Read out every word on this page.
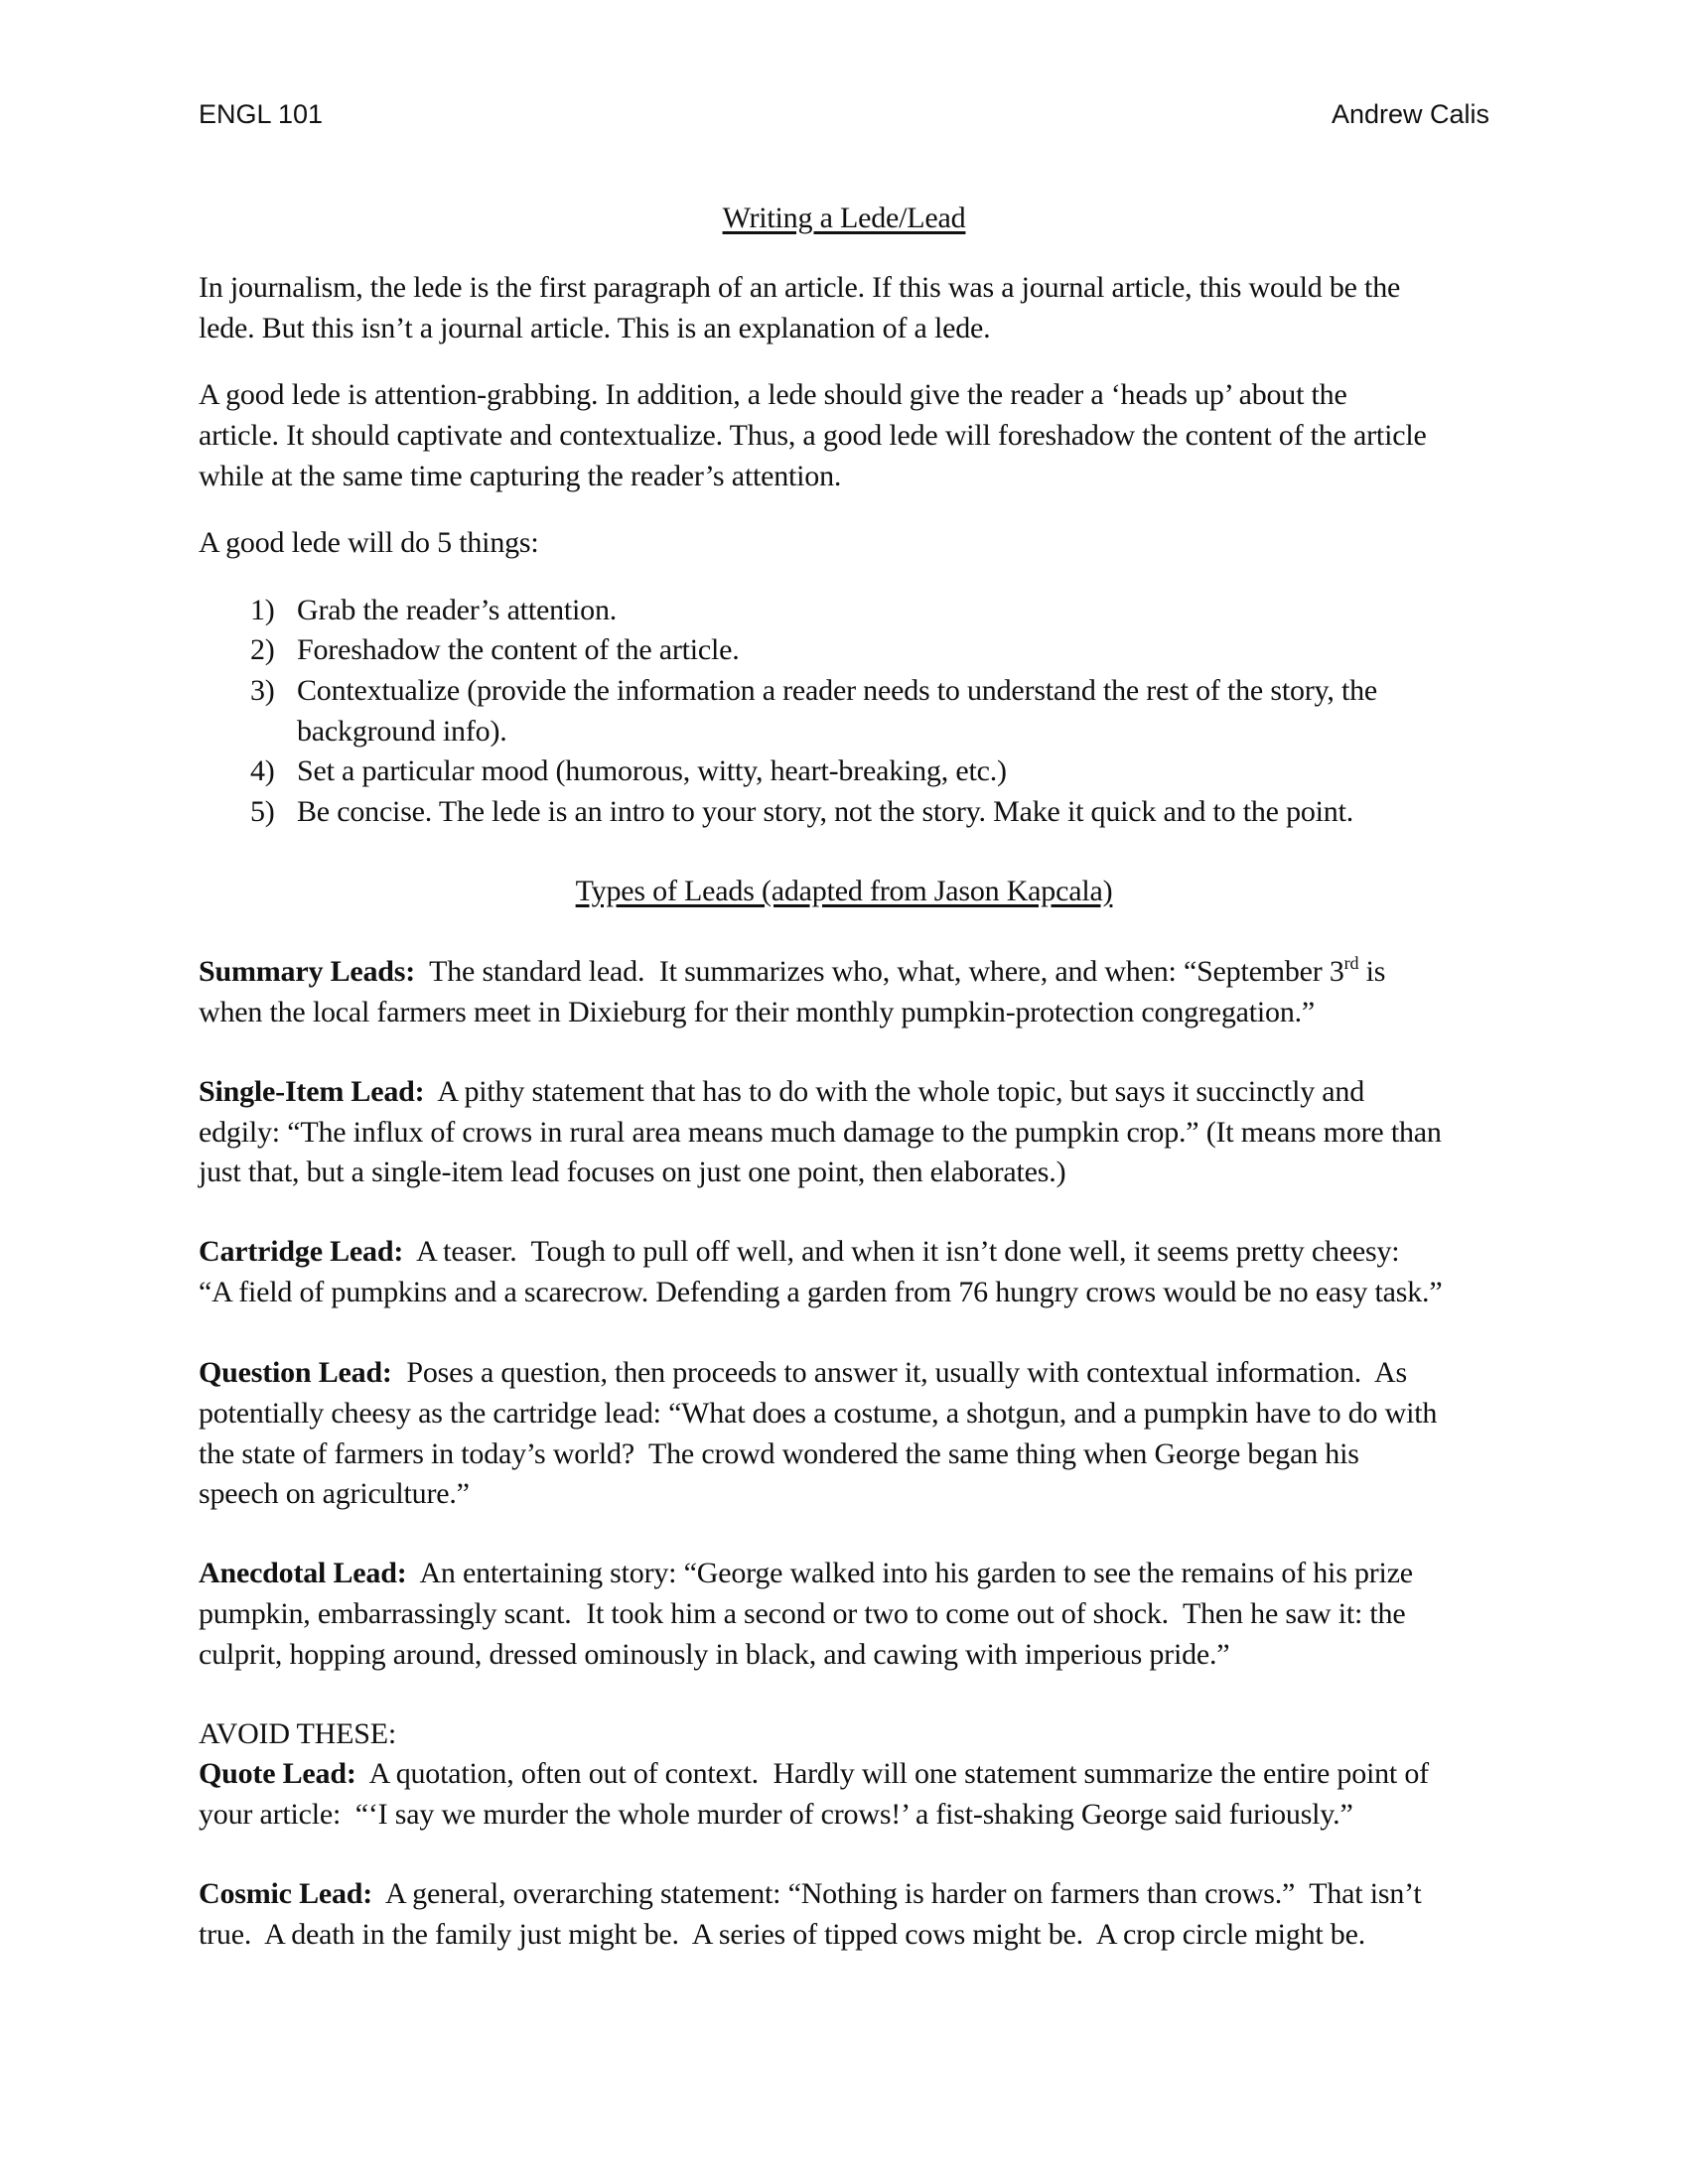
ENGL 101	Andrew Calis
Writing a Lede/Lead
In journalism, the lede is the first paragraph of an article. If this was a journal article, this would be the
lede. But this isn’t a journal article. This is an explanation of a lede.
A good lede is attention-grabbing. In addition, a lede should give the reader a ‘heads up’ about the
article. It should captivate and contextualize. Thus, a good lede will foreshadow the content of the article
while at the same time capturing the reader’s attention.
A good lede will do 5 things:
1) Grab the reader’s attention.
2) Foreshadow the content of the article.
3) Contextualize (provide the information a reader needs to understand the rest of the story, the
background info).
4) Set a particular mood (humorous, witty, heart-breaking, etc.)
5) Be concise. The lede is an intro to your story, not the story. Make it quick and to the point.
Types of Leads (adapted from Jason Kapcala)
Summary Leads:  The standard lead.  It summarizes who, what, where, and when: “September 3rd is
when the local farmers meet in Dixieburg for their monthly pumpkin-protection congregation.”
Single-Item Lead:  A pithy statement that has to do with the whole topic, but says it succinctly and
edgily: “The influx of crows in rural area means much damage to the pumpkin crop.” (It means more than
just that, but a single-item lead focuses on just one point, then elaborates.)
Cartridge Lead:  A teaser.  Tough to pull off well, and when it isn’t done well, it seems pretty cheesy:
“A field of pumpkins and a scarecrow. Defending a garden from 76 hungry crows would be no easy task.”
Question Lead:  Poses a question, then proceeds to answer it, usually with contextual information.  As
potentially cheesy as the cartridge lead: “What does a costume, a shotgun, and a pumpkin have to do with
the state of farmers in today’s world?  The crowd wondered the same thing when George began his
speech on agriculture.”
Anecdotal Lead:  An entertaining story: “George walked into his garden to see the remains of his prize
pumpkin, embarrassingly scant.  It took him a second or two to come out of shock.  Then he saw it: the
culprit, hopping around, dressed ominously in black, and cawing with imperious pride.”
AVOID THESE:
Quote Lead:  A quotation, often out of context.  Hardly will one statement summarize the entire point of
your article:  “‘I say we murder the whole murder of crows!’ a fist-shaking George said furiously.”
Cosmic Lead:  A general, overarching statement: “Nothing is harder on farmers than crows.”  That isn’t
true.  A death in the family just might be.  A series of tipped cows might be.  A crop circle might be.
